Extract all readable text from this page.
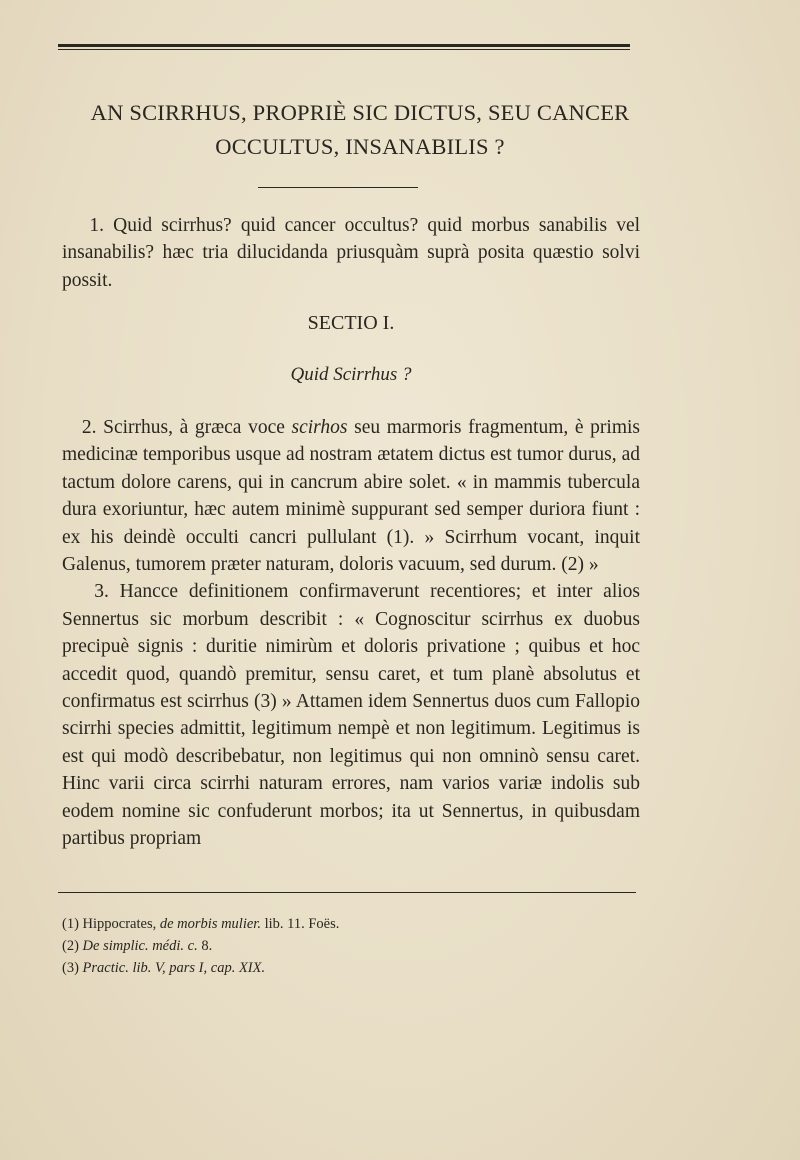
AN SCIRRHUS, PROPRIÈ SIC DICTUS, SEU CANCER
OCCULTUS, INSANABILIS ?
1. Quid scirrhus? quid cancer occultus? quid morbus sanabilis vel insanabilis? hæc tria dilucidanda priusquàm suprà posita quæstio solvi possit.
SECTIO I.
Quid Scirrhus ?
2. Scirrhus, à græca voce scirhos seu marmoris fragmentum, è primis medicinæ temporibus usque ad nostram ætatem dictus est tumor durus, ad tactum dolore carens, qui in cancrum abire solet. « in mammis tubercula dura exoriuntur, hæc autem minimè suppurant sed semper duriora fiunt : ex his deindè occulti cancri pullulant (1). » Scirrhum vocant, inquit Galenus, tumorem præter naturam, doloris vacuum, sed durum. (2) »
3. Hancce definitionem confirmaverunt recentiores; et inter alios Sennertus sic morbum describit : « Cognoscitur scirrhus ex duobus precipuè signis : duritie nimirùm et doloris privatione ; quibus et hoc accedit quod, quandò premitur, sensu caret, et tum planè absolutus et confirmatus est scirrhus (3) » Attamen idem Sennertus duos cum Fallopio scirrhi species admittit, legitimum nempè et non legitimum. Legitimus is est qui modò describebatur, non legitimus qui non omninò sensu caret. Hinc varii circa scirrhi naturam errores, nam varios variæ indolis sub eodem nomine sic confuderunt morbos; ita ut Sennertus, in quibusdam partibus propriam
(1) Hippocrates, de morbis mulier. lib. 11. Foës.
(2) De simplic. médi. c. 8.
(3) Practic. lib. V, pars I, cap. XIX.
